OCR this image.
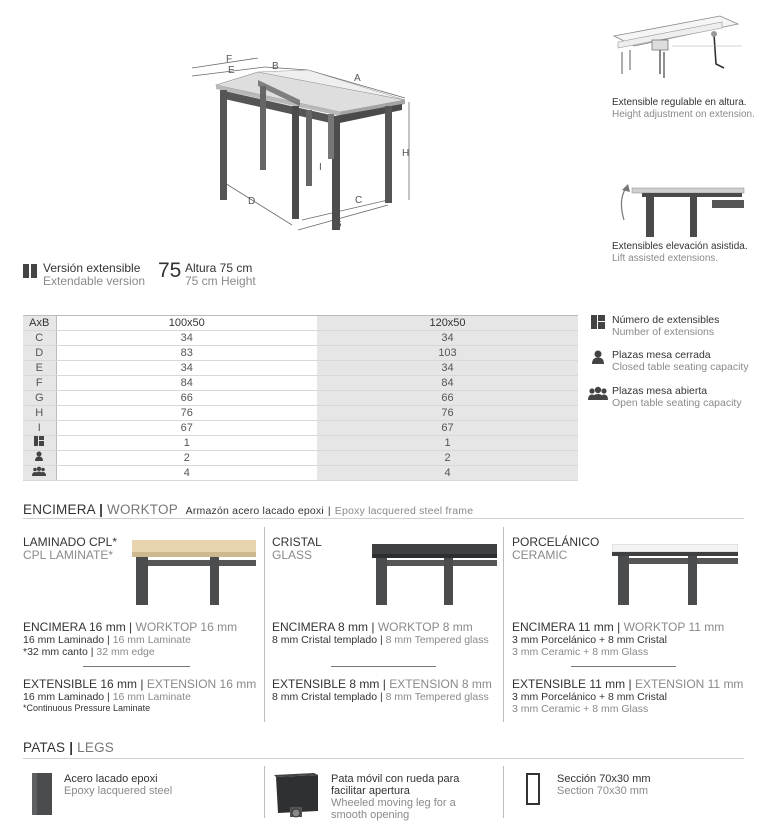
F
E	B
A
H
I
D	C
G
Extensible regulable en altura.
Height adjustment on extension.
Extensibles elevación asistida.
Lift assisted extensions.
Versión extensible
Extendable version 75 Altura 75 cm
75 cm Height
AxB	100x50	120x50
C	34	34
D	83	103
E	34	34
F	84	84
G	66	66
H	76	76
I	67	67
	1	1
	2	2
	4	4
Número de extensibles
Number of extensions
Plazas mesa cerrada
Closed table seating capacity
Plazas mesa abierta
Open table seating capacity
ENCIMERA | WORKTOP Armazón acero lacado epoxi | Epoxy lacquered steel frame
LAMINADO CPL*
CPL LAMINATE*
ENCIMERA 16 mm | WORKTOP 16 mm
16 mm Laminado | 16 mm Laminate
*32 mm canto | 32 mm edge
EXTENSIBLE 16 mm | EXTENSION 16 mm
16 mm Laminado | 16 mm Laminate
*Continuous Pressure Laminate
CRISTAL
GLASS
ENCIMERA 8 mm | WORKTOP 8 mm
8 mm Cristal templado | 8 mm Tempered glass
EXTENSIBLE 8 mm | EXTENSION 8 mm
8 mm Cristal templado | 8 mm Tempered glass
PORCELÁNICO
CERAMIC
ENCIMERA 11 mm | WORKTOP 11 mm
3 mm Porcelánico + 8 mm Cristal
3 mm Ceramic + 8 mm Glass
EXTENSIBLE 11 mm | EXTENSION 11 mm
3 mm Porcelánico + 8 mm Cristal
3 mm Ceramic + 8 mm Glass
PATAS | LEGS
Acero lacado epoxi
Epoxy lacquered steel
Pata móvil con rueda para facilitar apertura
Wheeled moving leg for a smooth opening
Sección 70x30 mm
Section 70x30 mm
